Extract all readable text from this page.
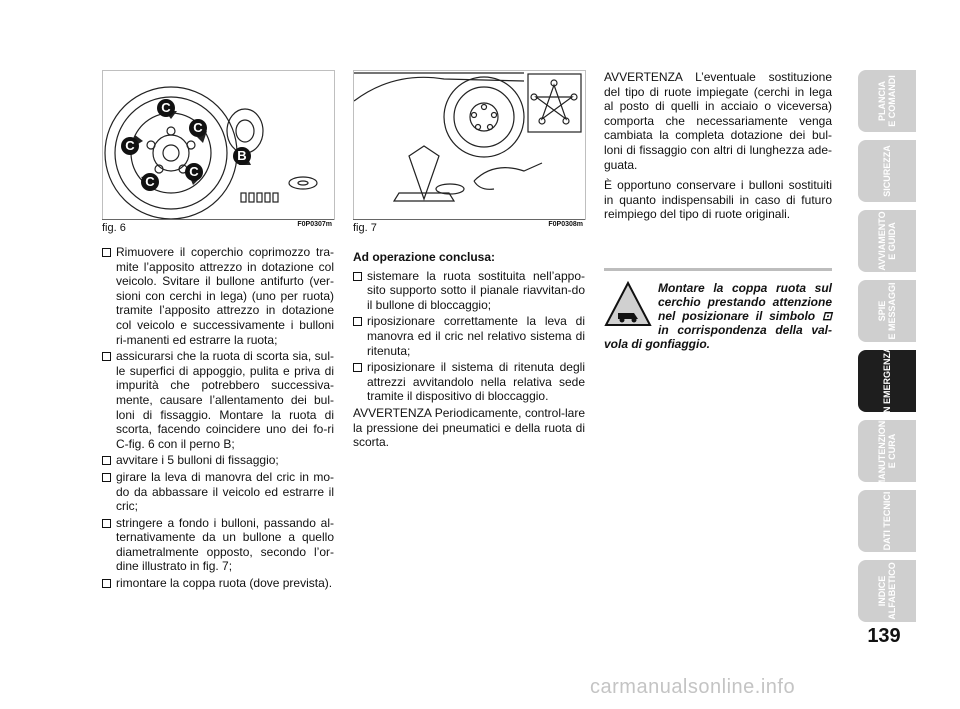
C
C
C
C
C
B
fig. 6	F0P0307m fig. 7	F0P0308m
Rimuovere il coperchio coprimozzo tra-mite l’apposito attrezzo in dotazione col veicolo. Svitare il bullone antifurto (ver-sioni con cerchi in lega) (uno per ruota) tramite l’apposito attrezzo in dotazione col veicolo e successivamente i bulloni ri-manenti ed estrarre la ruota;
assicurarsi che la ruota di scorta sia, sul-le superfici di appoggio, pulita e priva di impurità che potrebbero successiva-mente, causare l’allentamento dei bul-loni di fissaggio. Montare la ruota di scorta, facendo coincidere uno dei fo-ri C-fig. 6 con il perno B;
avvitare i 5 bulloni di fissaggio;
girare la leva di manovra del cric in mo-do da abbassare il veicolo ed estrarre il cric;
stringere a fondo i bulloni, passando al-ternativamente da un bullone a quello diametralmente opposto, secondo l’or-dine illustrato in fig. 7;
rimontare la coppa ruota (dove prevista).
Ad operazione conclusa:
sistemare la ruota sostituita nell’appo-sito supporto sotto il pianale riavvitan-do il bullone di bloccaggio;
riposizionare correttamente la leva di manovra ed il cric nel relativo sistema di ritenuta;
riposizionare il sistema di ritenuta degli attrezzi avvitandolo nella relativa sede tramite il dispositivo di bloccaggio.

AVVERTENZA Periodicamente, control-lare la pressione dei pneumatici e della ruota di scorta.

AVVERTENZA L’eventuale sostituzione del tipo di ruote impiegate (cerchi in lega al posto di quelli in acciaio o viceversa) comporta che necessariamente venga cambiata la completa dotazione dei bul-loni di fissaggio con altri di lunghezza ade-guata.

È opportuno conservare i bulloni sostituiti in quanto indispensabili in caso di futuro reimpiego del tipo di ruote originali.

Montare la coppa ruota sul cerchio prestando attenzione nel posizionare il simbolo ⊡ in corrispondenza della val-vola di gonfiaggio.
PLANCIA
E COMANDI
SICUREZZA
AVVIAMENTO
E GUIDA
SPIE
E MESSAGGI
IN EMERGENZA
MANUTENZIONE
E CURA
DATI TECNICI
INDICE
ALFABETICO
139
carmanualsonline.info
